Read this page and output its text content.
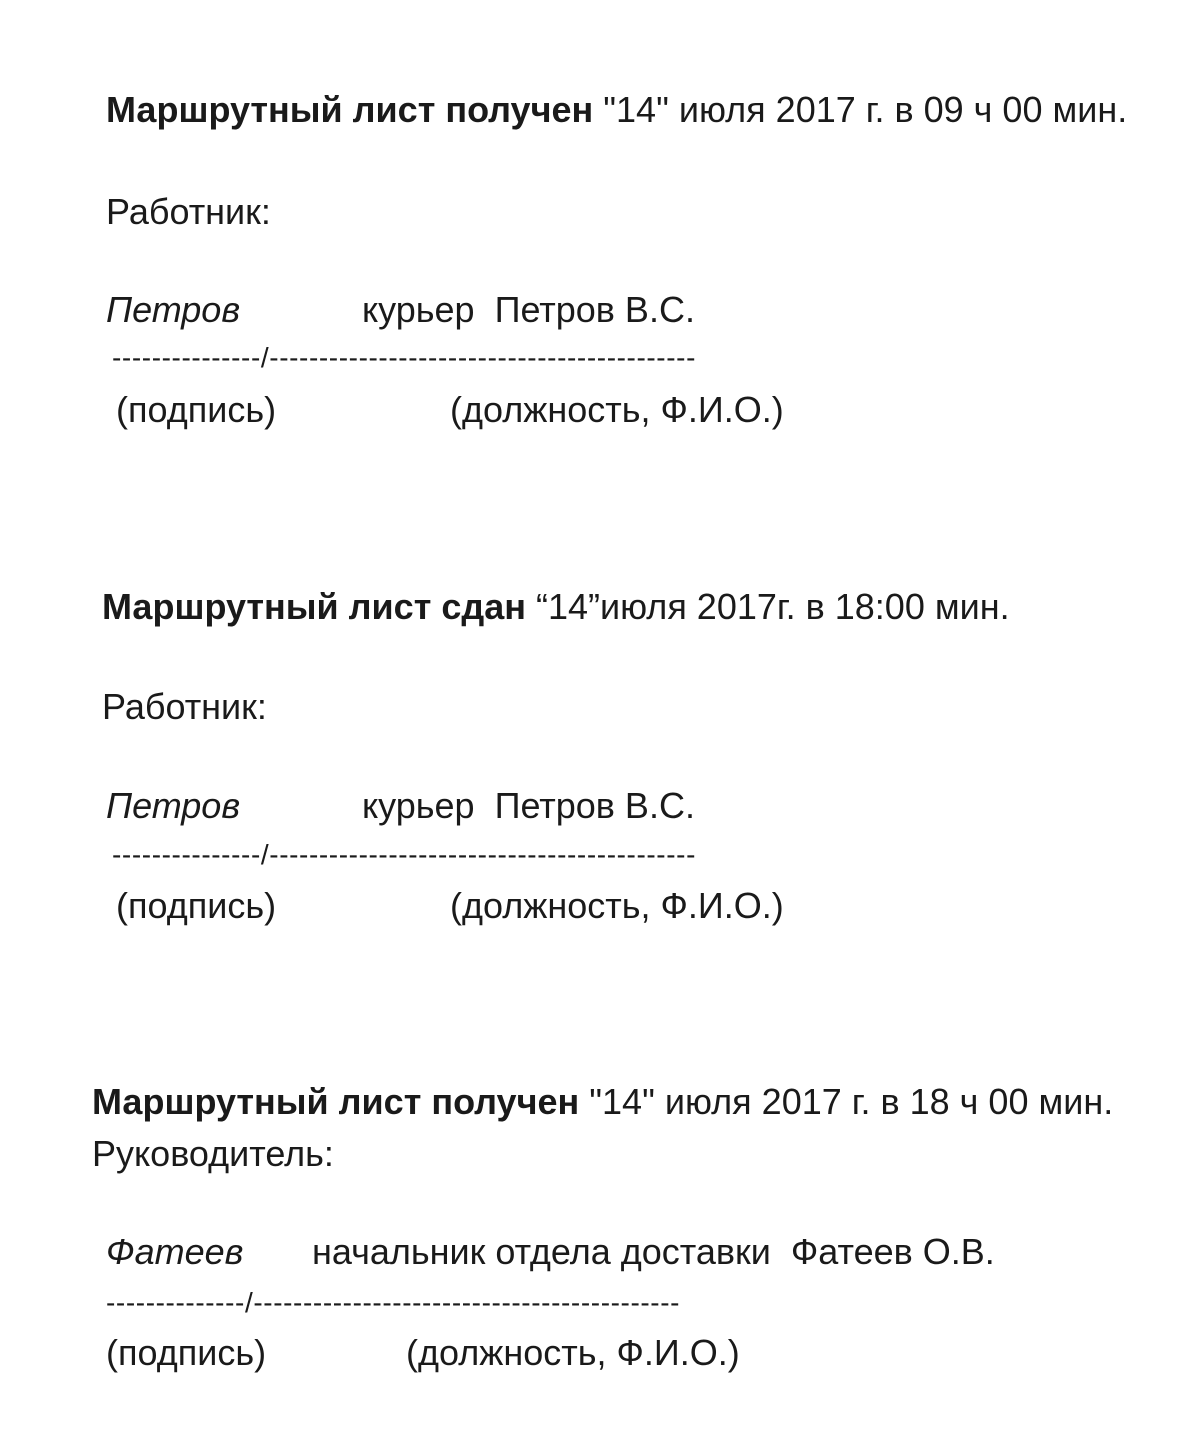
Маршрутный лист получен "14" июля 2017 г. в 09 ч 00 мин.
Работник:
Петров	курьер  Петров В.С.
---------------/-------------------------------------------
(подпись)	(должность, Ф.И.О.)
Маршрутный лист сдан “14”июля 2017г. в 18:00 мин.
Работник:
Петров	курьер  Петров В.С.
---------------/-------------------------------------------
(подпись)	(должность, Ф.И.О.)
Маршрутный лист получен "14" июля 2017 г. в 18 ч 00 мин.
Руководитель:
Фатеев начальник отдела доставки  Фатеев О.В.
--------------/-------------------------------------------
(подпись)	(должность, Ф.И.О.)
